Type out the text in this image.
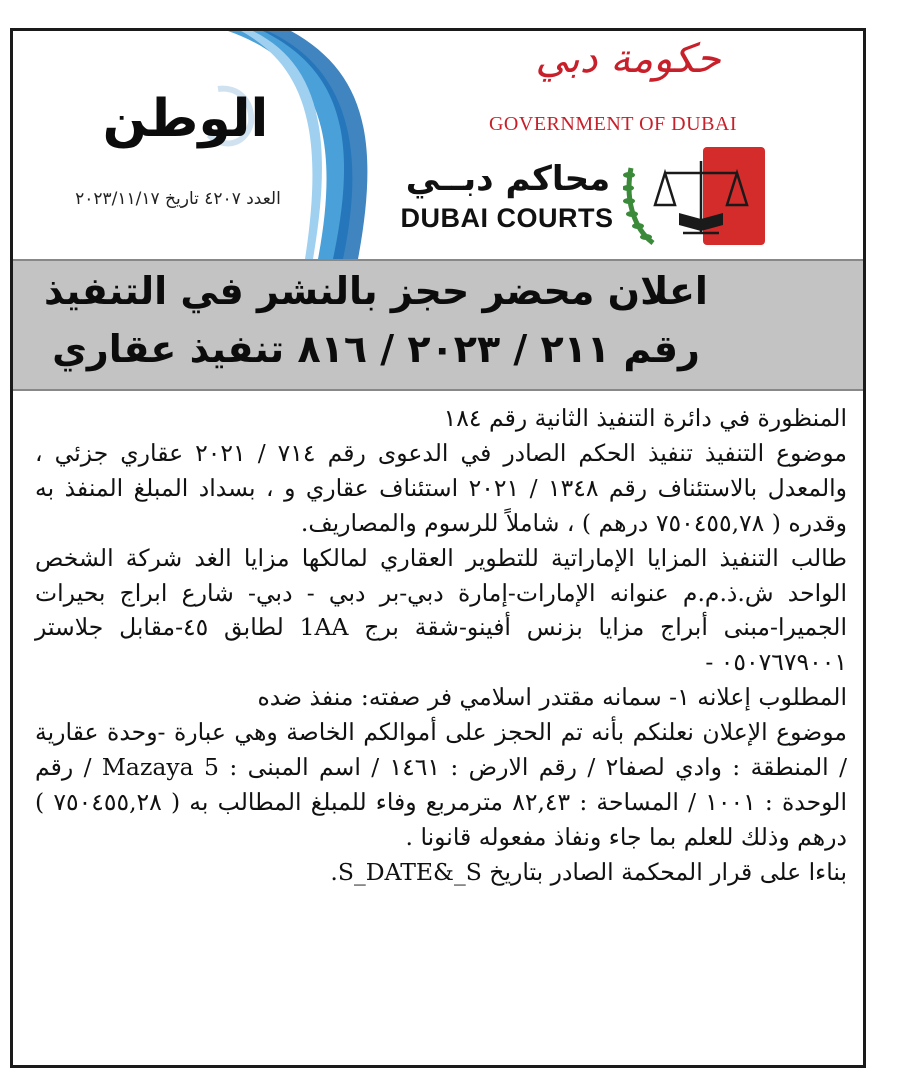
الوطن
العدد ٤٢٠٧ تاريخ ٢٠٢٣/١١/١٧
حكومة دبي
GOVERNMENT OF DUBAI
محاكم دبــي
DUBAI COURTS
اعلان محضر حجز بالنشر في التنفيذ
رقم ٢١١ / ٢٠٢٣ / ٨١٦ تنفيذ عقاري
المنظورة في دائرة التنفيذ الثانية رقم ١٨٤
موضوع التنفيذ تنفيذ الحكم الصادر في الدعوى رقم ٧١٤ / ٢٠٢١ عقاري جزئي ، والمعدل بالاستئناف رقم ١٣٤٨ / ٢٠٢١ استئناف عقاري و ، بسداد المبلغ المنفذ به وقدره ( ٧٥٠٤٥٥,٧٨ درهم ) ، شاملاً للرسوم والمصاريف.
طالب التنفيذ المزايا الإماراتية للتطوير العقاري لمالكها مزايا الغد شركة الشخص الواحد ش.ذ.م.م عنوانه الإمارات-إمارة دبي-بر دبي - دبي- شارع ابراج بحيرات الجميرا-مبنى أبراج مزايا بزنس أفينو-شقة برج 1AA لطابق ٤٥-مقابل جلاستر ٠٥٠٧٦٧٩٠٠١ -
المطلوب إعلانه ١- سمانه مقتدر اسلامي فر صفته: منفذ ضده
موضوع الإعلان نعلنكم بأنه تم الحجز على أموالكم الخاصة وهي عبارة -وحدة عقارية / المنطقة : وادي لصفا٢ / رقم الارض : ١٤٦١ / اسم المبنى : Mazaya 5 / رقم الوحدة : ١٠٠١ / المساحة : ٨٢,٤٣ مترمربع وفاء للمبلغ المطالب به ( ٧٥٠٤٥٥,٢٨ ) درهم وذلك للعلم بما جاء ونفاذ مفعوله قانونا .
بناءا على قرار المحكمة الصادر بتاريخ S_DATE&_S.
